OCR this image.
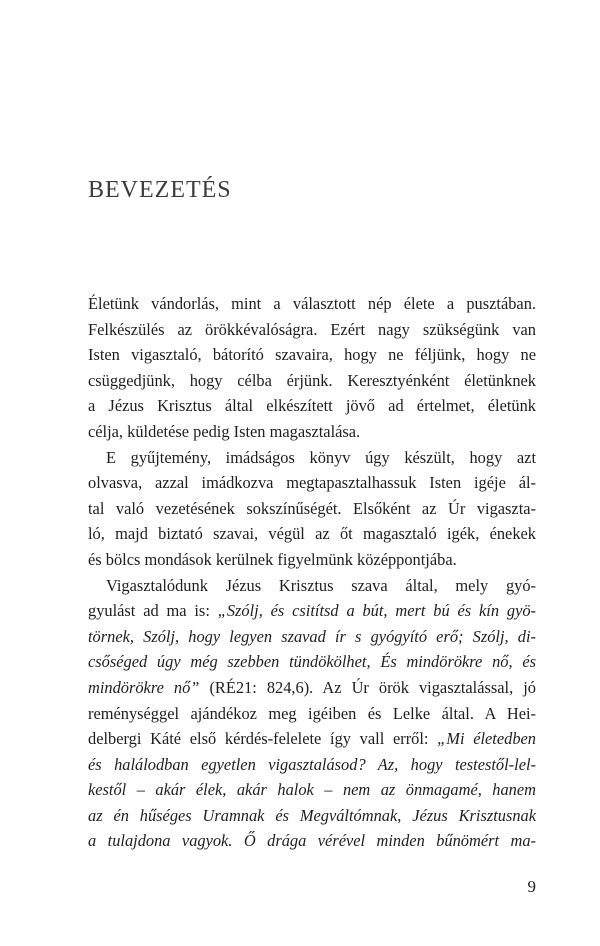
BEVEZETÉS
Életünk vándorlás, mint a választott nép élete a pusztában.
Felkészülés az örökkévalóságra. Ezért nagy szükségünk van
Isten vigasztaló, bátorító szavaira, hogy ne féljünk, hogy ne
csüggedjünk, hogy célba érjünk. Keresztyénként életünknek
a Jézus Krisztus által elkészített jövő ad értelmet, életünk
célja, küldetése pedig Isten magasztalása.
E gyűjtemény, imádságos könyv úgy készült, hogy azt
olvasva, azzal imádkozva megtapasztalhassuk Isten igéje ál-
tal való vezetésének sokszínűségét. Elsőként az Úr vigaszta-
ló, majd biztató szavai, végül az őt magasztaló igék, énekek
és bölcs mondások kerülnek figyelmünk középpontjába.
Vigasztalódunk Jézus Krisztus szava által, mely gyó-
gyulást ad ma is: „Szólj, és csitítsd a bút, mert bú és kín gyö-
törnek, Szólj, hogy legyen szavad ír s gyógyító erő; Szólj, di-
csőséged úgy még szebben tündökölhet, És mindörökre nő, és
mindörökre nő” (RÉ21: 824,6). Az Úr örök vigasztalással, jó
reménységgel ajándékoz meg igéiben és Lelke által. A Hei-
delbergi Káté első kérdés-felelete így vall erről: „Mi életedben
és halálodban egyetlen vigasztalásod? Az, hogy testestől-lel-
kestől – akár élek, akár halok – nem az önmagamé, hanem
az én hűséges Uramnak és Megváltómnak, Jézus Krisztusnak
a tulajdona vagyok. Ő drága vérével minden bűnömért ma-
9
